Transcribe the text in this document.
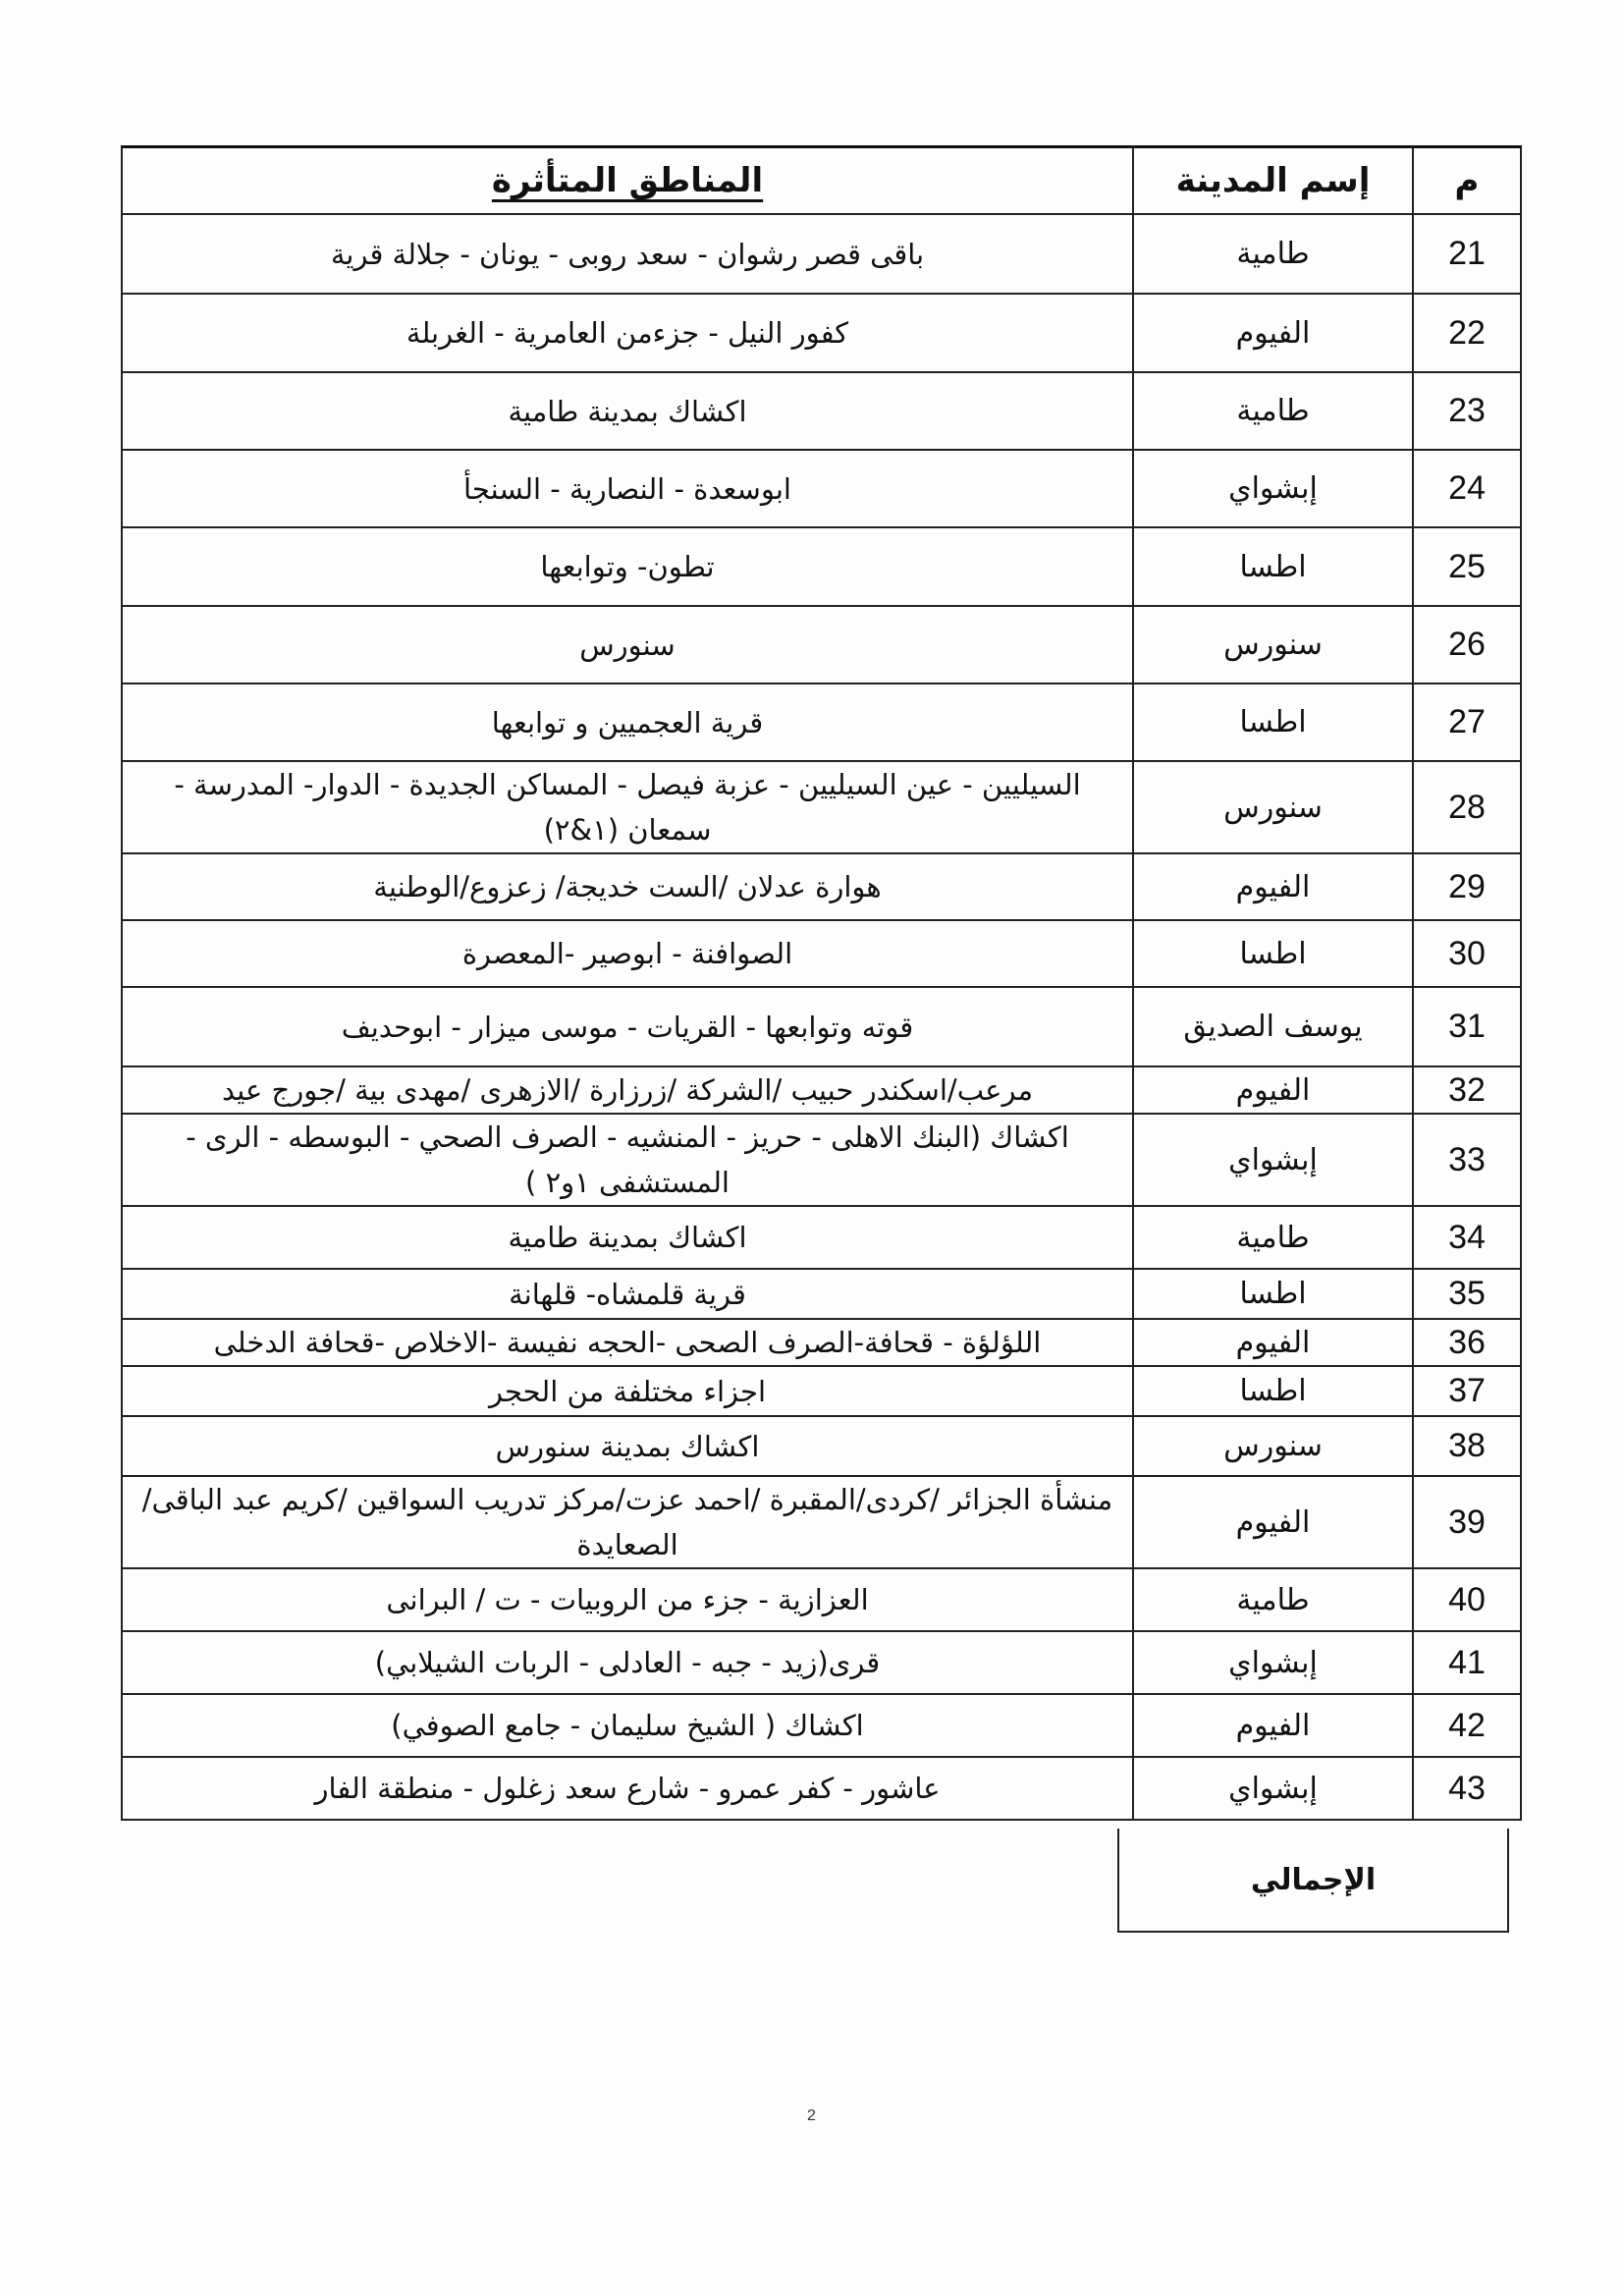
م	إسم المدينة	المناطق المتأثرة
21	طامية	باقى قصر رشوان - سعد روبى - يونان - جلالة قرية
22	الفيوم	كفور النيل - جزءمن العامرية - الغربلة
23	طامية	اكشاك بمدينة طامية
24	إبشواي	ابوسعدة - النصارية - السنجأ
25	اطسا	تطون- وتوابعها
26	سنورس	سنورس
27	اطسا	قرية العجميين و توابعها
28	سنورس	السيليين - عين السيليين - عزبة فيصل - المساكن الجديدة - الدوار- المدرسة - سمعان (١&٢)
29	الفيوم	هوارة عدلان /الست خديجة/ زعزوع/الوطنية
30	اطسا	الصوافنة - ابوصير -المعصرة
31	يوسف الصديق	قوته وتوابعها - القريات - موسى ميزار - ابوحديف
32	الفيوم	مرعب/اسكندر حبيب /الشركة /زرزارة /الازهرى /مهدى بية /جورج عيد
33	إبشواي	اكشاك (البنك الاهلى - حريز - المنشيه - الصرف الصحي - البوسطه - الرى - المستشفى ١و٢ )
34	طامية	اكشاك بمدينة طامية
35	اطسا	قرية قلمشاه- قلهانة
36	الفيوم	اللؤلؤة - قحافة-الصرف الصحى -الحجه نفيسة -الاخلاص -قحافة الدخلى
37	اطسا	اجزاء مختلفة من الحجر
38	سنورس	اكشاك بمدينة سنورس
39	الفيوم	منشأة الجزائر /كردى/المقبرة /احمد عزت/مركز تدريب السواقين /كريم عبد الباقى/الصعايدة
40	طامية	العزازية - جزء من الروبيات - ت / البرانى
41	إبشواي	قرى(زيد - جبه - العادلى - الربات الشيلابي)
42	الفيوم	اكشاك ( الشيخ سليمان - جامع الصوفي)
43	إبشواي	عاشور - كفر عمرو - شارع سعد زغلول - منطقة الفار
الإجمالي
2
